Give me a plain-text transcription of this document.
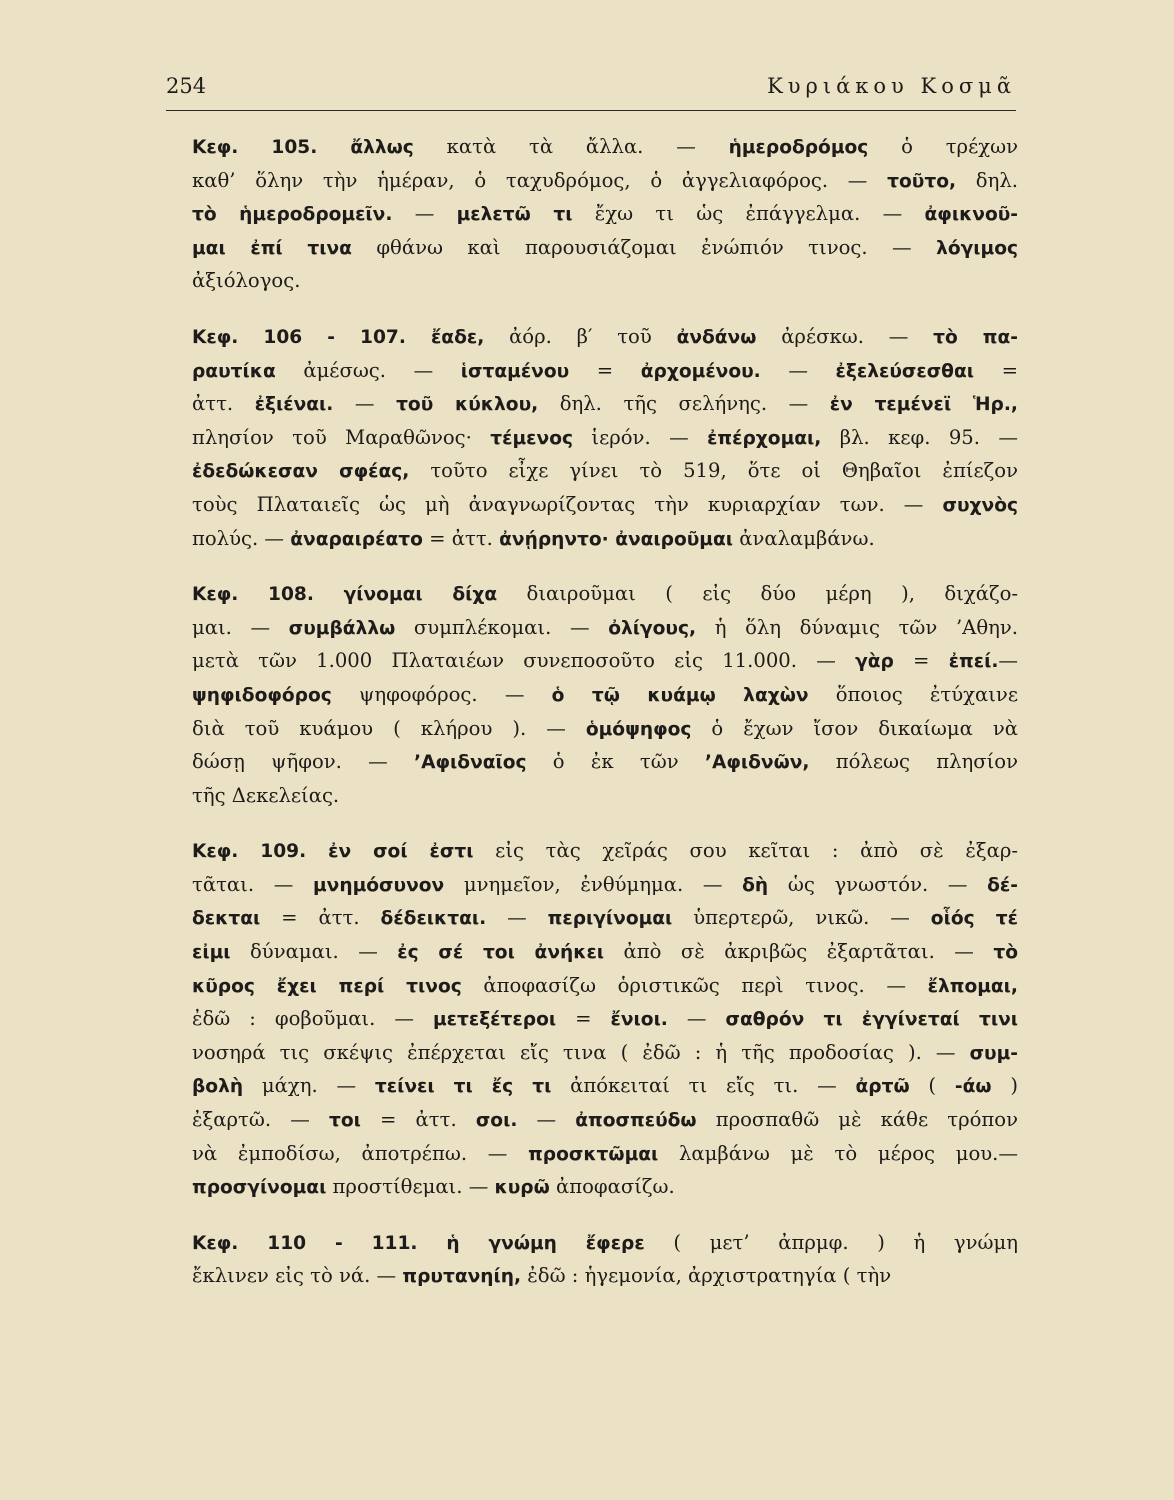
254	Κυριάκου Κοσμᾶ
Κεφ. 105. ἄλλως κατὰ τὰ ἄλλα. — ἡμεροδρόμος ὁ τρέχων
καθ’ ὅλην τὴν ἡμέραν, ὁ ταχυδρόμος, ὁ ἀγγελιαφόρος. — τοῦτο, δηλ.
τὸ ἡμεροδρομεῖν. — μελετῶ τι ἔχω τι ὡς ἐπάγγελμα. — ἀφικνοῦ-
μαι ἐπί τινα φθάνω καὶ παρουσιάζομαι ἐνώπιόν τινος. — λόγιμος
ἀξιόλογος.
Κεφ. 106 - 107. ἔαδε, ἀόρ. β′ τοῦ ἀνδάνω ἀρέσκω. — τὸ πα-
ραυτίκα ἀμέσως. — ἱσταμένου = ἀρχομένου. — ἐξελεύσεσθαι =
ἀττ. ἐξιέναι. — τοῦ κύκλου, δηλ. τῆς σελήνης. — ἐν τεμένεϊ Ἡρ.,
πλησίον τοῦ Μαραθῶνος· τέμενος ἱερόν. — ἐπέρχομαι, βλ. κεφ. 95. —
ἐδεδώκεσαν σφέας, τοῦτο εἶχε γίνει τὸ 519, ὅτε οἱ Θηβαῖοι ἐπίεζον
τοὺς Πλαταιεῖς ὡς μὴ ἀναγνωρίζοντας τὴν κυριαρχίαν των. — συχνὸς
πολύς. — ἀναραιρέατο = ἀττ. ἀνῄρηντο· ἀναιροῦμαι ἀναλαμβάνω.
Κεφ. 108. γίνομαι δίχα διαιροῦμαι ( εἰς δύο μέρη ), διχάζο-
μαι. — συμβάλλω συμπλέκομαι. — ὀλίγους, ἡ ὅλη δύναμις τῶν ’Αθην.
μετὰ τῶν 1.000 Πλαταιέων συνεποσοῦτο εἰς 11.000. — γὰρ = ἐπεί.—
ψηφιδοφόρος ψηφοφόρος. — ὁ τῷ κυάμῳ λαχὼν ὅποιος ἐτύχαινε
διὰ τοῦ κυάμου ( κλήρου ). — ὁμόψηφος ὁ ἔχων ἴσον δικαίωμα νὰ
δώσῃ ψῆφον. — ’Αφιδναῖος ὁ ἐκ τῶν ’Αφιδνῶν, πόλεως πλησίον
τῆς Δεκελείας.
Κεφ. 109. ἐν σοί ἐστι εἰς τὰς χεῖράς σου κεῖται : ἀπὸ σὲ ἐξαρ-
τᾶται. — μνημόσυνον μνημεῖον, ἐνθύμημα. — δὴ ὡς γνωστόν. — δέ-
δεκται = ἀττ. δέδεικται. — περιγίνομαι ὑπερτερῶ, νικῶ. — οἷός τέ
εἰμι δύναμαι. — ἐς σέ τοι ἀνήκει ἀπὸ σὲ ἀκριβῶς ἐξαρτᾶται. — τὸ
κῦρος ἔχει περί τινος ἀποφασίζω ὁριστικῶς περὶ τινος. — ἔλπομαι,
ἐδῶ : φοβοῦμαι. — μετεξέτεροι = ἔνιοι. — σαθρόν τι ἐγγίνεταί τινι
νοσηρά τις σκέψις ἐπέρχεται εἴς τινα ( ἐδῶ : ἡ τῆς προδοσίας ). — συμ-
βολὴ μάχη. — τείνει τι ἔς τι ἀπόκειταί τι εἴς τι. — ἀρτῶ ( -άω )
ἐξαρτῶ. — τοι = ἀττ. σοι. — ἀποσπεύδω προσπαθῶ μὲ κάθε τρόπον
νὰ ἐμποδίσω, ἀποτρέπω. — προσκτῶμαι λαμβάνω μὲ τὸ μέρος μου.—
προσγίνομαι προστίθεμαι. — κυρῶ ἀποφασίζω.
Κεφ. 110 - 111. ἡ γνώμη ἔφερε ( μετ’ ἀπρμφ. ) ἡ γνώμη
ἔκλινεν εἰς τὸ νά. — πρυτανηίη, ἐδῶ : ἡγεμονία, ἀρχιστρατηγία ( τὴν
